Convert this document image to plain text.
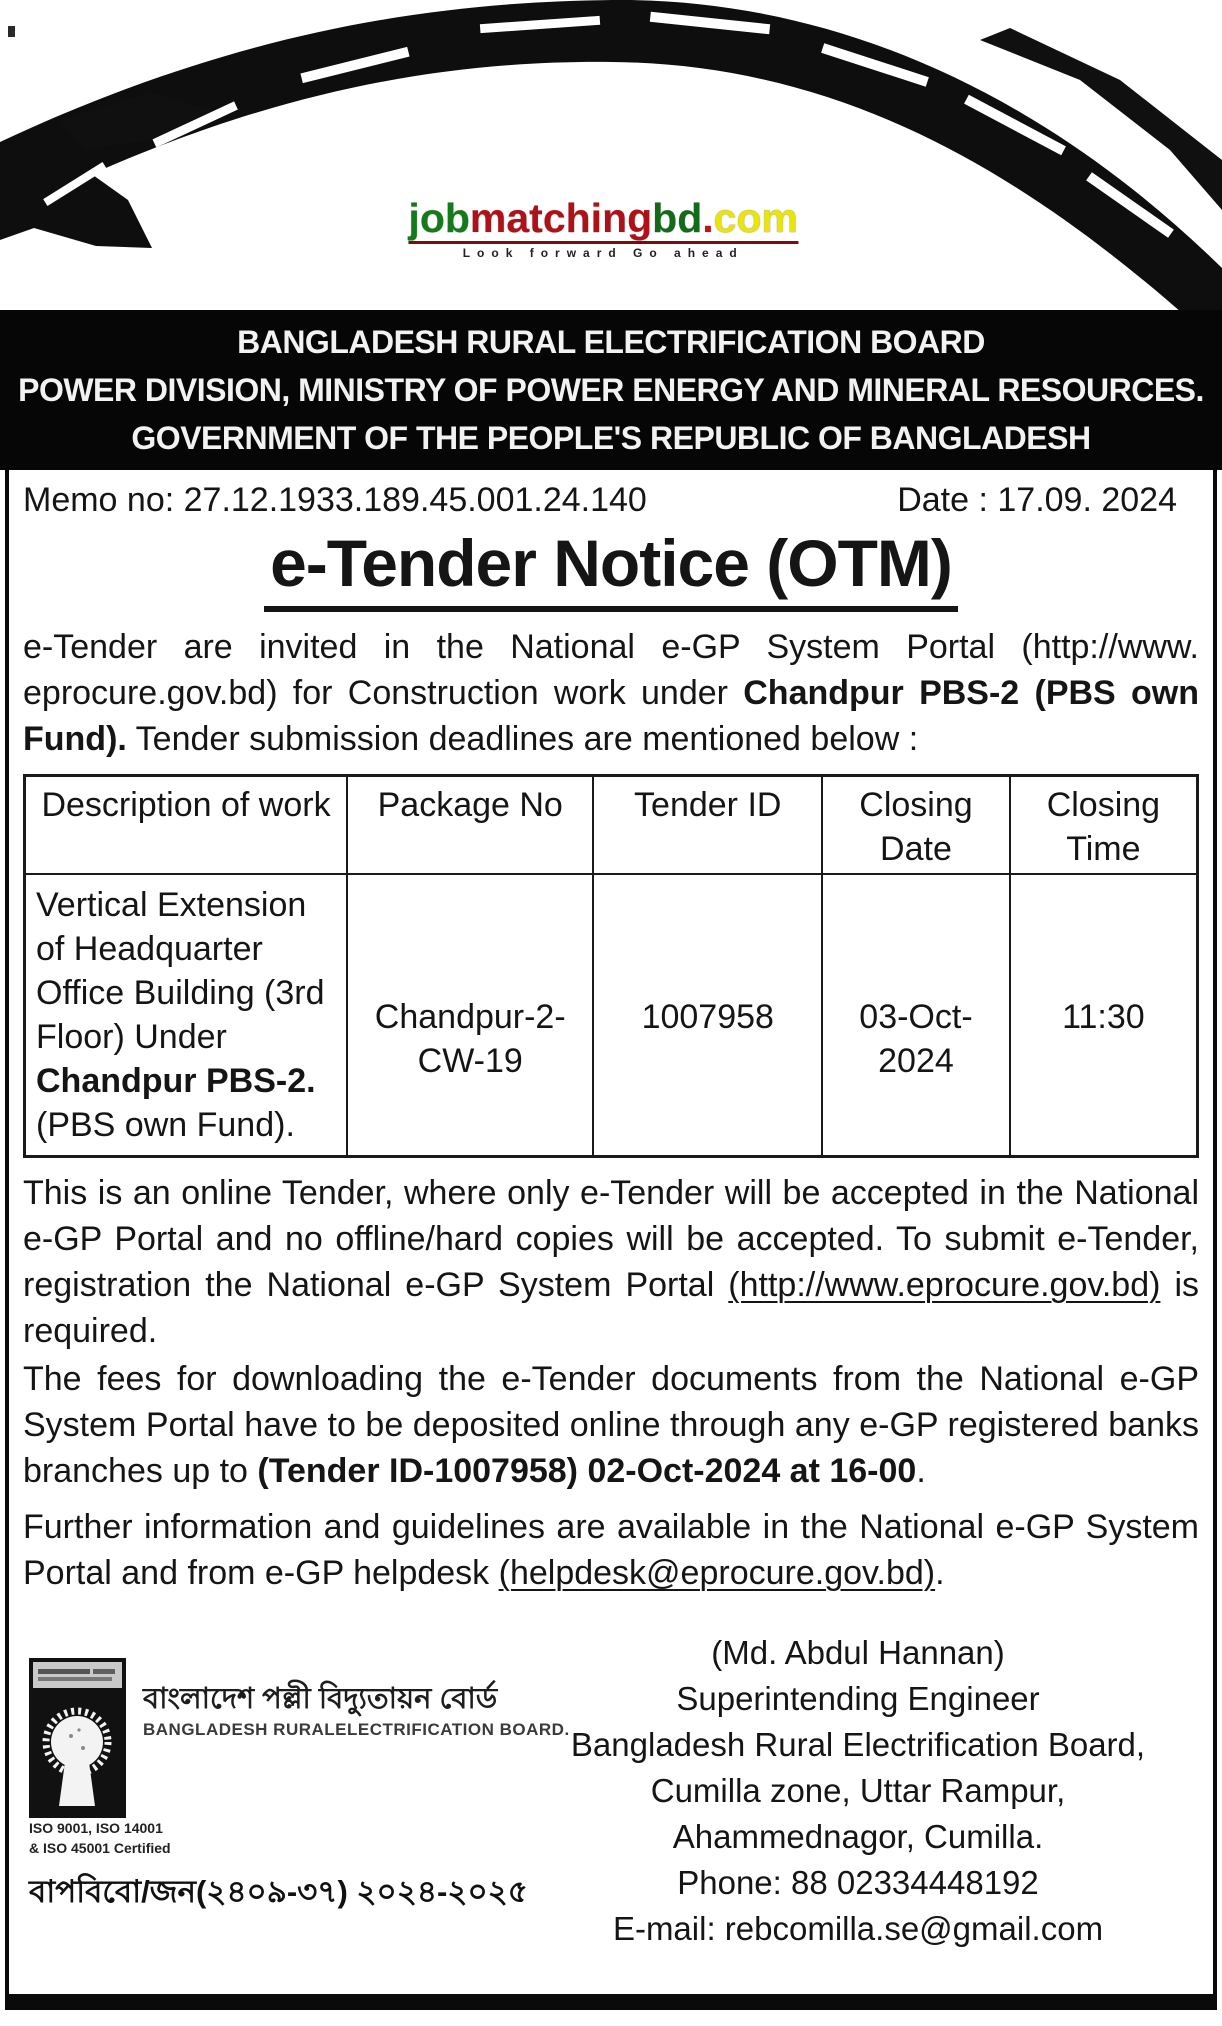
jobmatchingbd.com
Look forward Go ahead
BANGLADESH RURAL ELECTRIFICATION BOARD
POWER DIVISION, MINISTRY OF POWER ENERGY AND MINERAL RESOURCES.
GOVERNMENT OF THE PEOPLE'S REPUBLIC OF BANGLADESH
Memo no: 27.12.1933.189.45.001.24.140	Date : 17.09. 2024
e-Tender Notice (OTM)

e-Tender are invited in the National e-GP System Portal (http://www. eprocure.gov.bd) for Construction work under Chandpur PBS-2 (PBS own Fund). Tender submission deadlines are mentioned below :

Description of work	Package No	Tender ID	Closing Date	Closing Time
Vertical Extension of Headquarter Office Building (3rd Floor) Under Chandpur PBS-2. (PBS own Fund).	Chandpur-2-CW-19	1007958	03-Oct-2024	11:30

This is an online Tender, where only e-Tender will be accepted in the National e-GP Portal and no offline/hard copies will be accepted. To submit e-Tender, registration the National e-GP System Portal (http://www.eprocure.gov.bd) is required.

The fees for downloading the e-Tender documents from the National e-GP System Portal have to be deposited online through any e-GP registered banks branches up to (Tender ID-1007958) 02-Oct-2024 at 16-00.

Further information and guidelines are available in the National e-GP System Portal and from e-GP helpdesk (helpdesk@eprocure.gov.bd).

বাংলাদেশ পল্লী বিদ্যুতায়ন বোর্ড
BANGLADESH RURALELECTRIFICATION BOARD.
ISO 9001, ISO 14001
& ISO 45001 Certified
বাপবিবো/জন(২৪০৯-৩৭) ২০২৪-২০২৫
(Md. Abdul Hannan)
Superintending Engineer
Bangladesh Rural Electrification Board,
Cumilla zone, Uttar Rampur,
Ahammednagor, Cumilla.
Phone: 88 02334448192
E-mail: rebcomilla.se@gmail.com
